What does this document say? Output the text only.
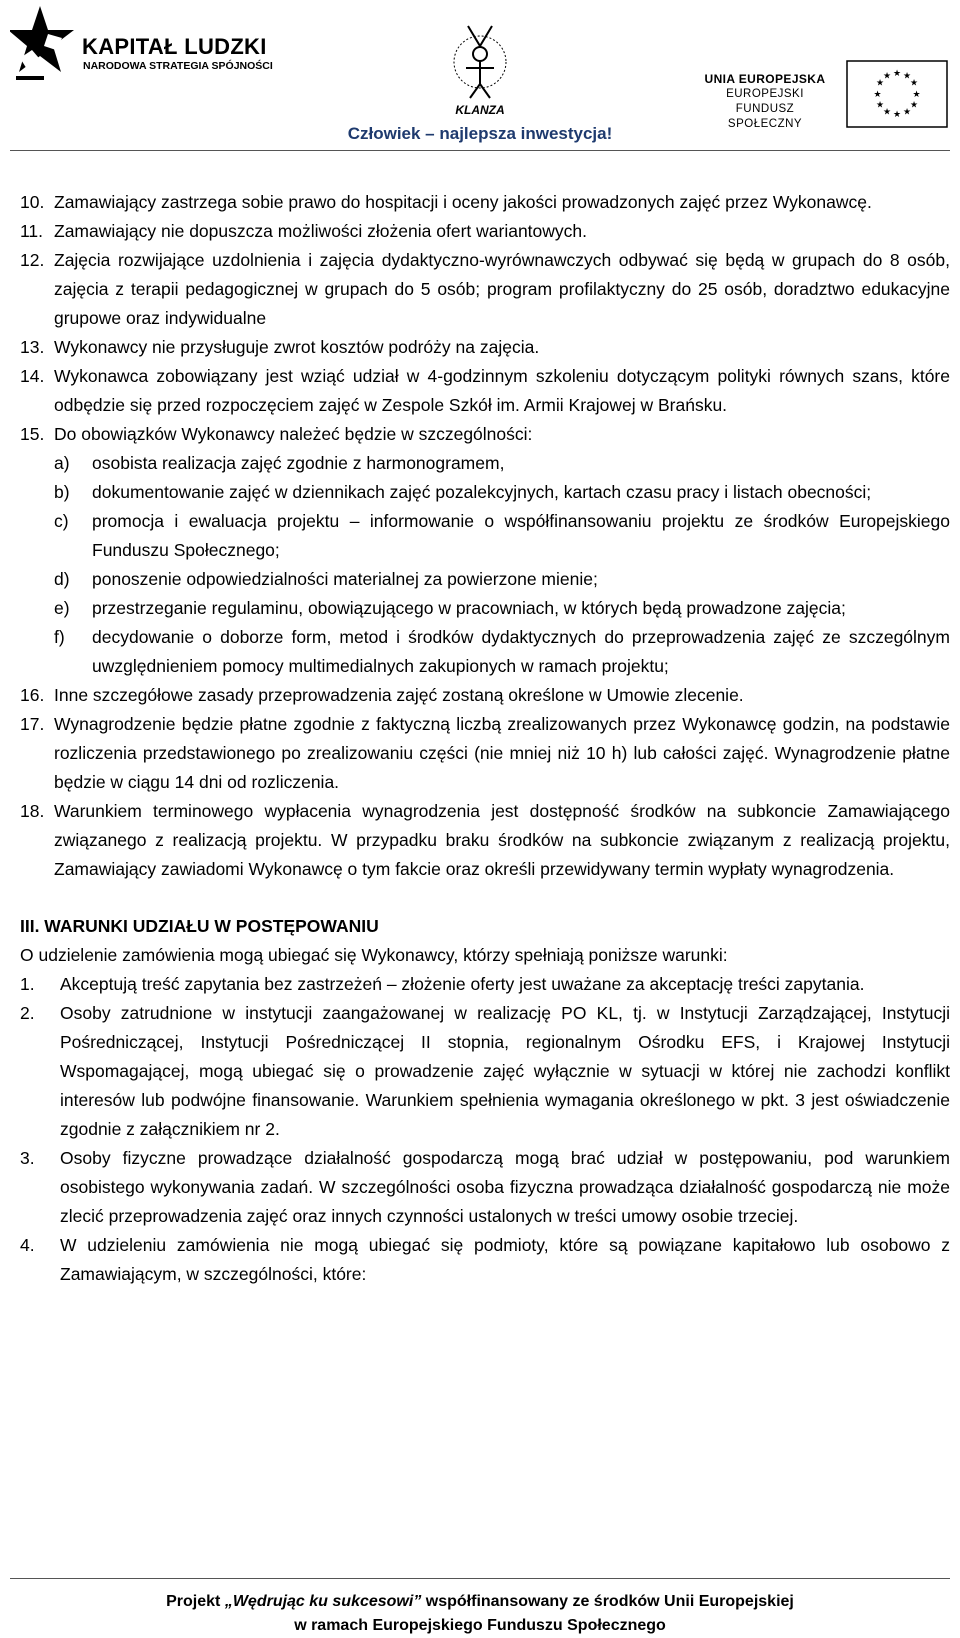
KAPITAŁ LUDZKI
NARODOWA STRATEGIA SPÓJNOŚCI
KLANZA
UNIA EUROPEJSKA
EUROPEJSKI
FUNDUSZ SPOŁECZNY
★ ★
★
★
★
★
★
★
★
★
★
★
Człowiek – najlepsza inwestycja!
10. Zamawiający zastrzega sobie prawo do hospitacji i oceny jakości prowadzonych zajęć przez Wykonawcę.
11. Zamawiający nie dopuszcza możliwości złożenia ofert wariantowych.
12. Zajęcia rozwijające uzdolnienia i zajęcia dydaktyczno-wyrównawczych odbywać się będą w grupach do 8 osób, zajęcia z terapii pedagogicznej w grupach do 5 osób; program profilaktyczny do 25 osób, doradztwo edukacyjne grupowe oraz indywidualne
13. Wykonawcy nie przysługuje zwrot kosztów podróży na zajęcia.
14. Wykonawca zobowiązany jest wziąć udział w 4-godzinnym szkoleniu dotyczącym polityki równych szans, które odbędzie się przed rozpoczęciem zajęć w Zespole Szkół im. Armii Krajowej w Brańsku.
15. Do obowiązków Wykonawcy należeć będzie w szczególności:
a) osobista realizacja zajęć zgodnie z harmonogramem,
b) dokumentowanie zajęć w dziennikach zajęć pozalekcyjnych, kartach czasu pracy i listach obecności;
c) promocja i ewaluacja projektu – informowanie o współfinansowaniu projektu ze środków Europejskiego Funduszu Społecznego;
d) ponoszenie odpowiedzialności materialnej za powierzone mienie;
e) przestrzeganie regulaminu, obowiązującego w pracowniach, w których będą prowadzone zajęcia;
f) decydowanie o doborze form, metod i środków dydaktycznych do przeprowadzenia zajęć ze szczególnym uwzględnieniem pomocy multimedialnych zakupionych w ramach projektu;
16. Inne szczegółowe zasady przeprowadzenia zajęć zostaną określone w Umowie zlecenie.
17. Wynagrodzenie będzie płatne zgodnie z faktyczną liczbą zrealizowanych przez Wykonawcę godzin, na podstawie rozliczenia przedstawionego po zrealizowaniu części (nie mniej niż 10 h) lub całości zajęć. Wynagrodzenie płatne będzie w ciągu 14 dni od rozliczenia.
18. Warunkiem terminowego wypłacenia wynagrodzenia jest dostępność środków na subkoncie Zamawiającego związanego z realizacją projektu. W przypadku braku środków na subkoncie związanym z realizacją projektu, Zamawiający zawiadomi Wykonawcę o tym fakcie oraz określi przewidywany termin wypłaty wynagrodzenia.
III. WARUNKI UDZIAŁU W POSTĘPOWANIU
O udzielenie zamówienia mogą ubiegać się Wykonawcy, którzy spełniają poniższe warunki:
1. Akceptują treść zapytania bez zastrzeżeń – złożenie oferty jest uważane za akceptację treści zapytania.
2. Osoby zatrudnione w instytucji zaangażowanej w realizację PO KL, tj. w Instytucji Zarządzającej, Instytucji Pośredniczącej, Instytucji Pośredniczącej II stopnia, regionalnym Ośrodku EFS, i Krajowej Instytucji Wspomagającej, mogą ubiegać się o prowadzenie zajęć wyłącznie w sytuacji w której nie zachodzi konflikt interesów lub podwójne finansowanie. Warunkiem spełnienia wymagania określonego w pkt. 3 jest oświadczenie zgodnie z załącznikiem nr 2.
3. Osoby fizyczne prowadzące działalność gospodarczą mogą brać udział w postępowaniu, pod warunkiem osobistego wykonywania zadań. W szczególności osoba fizyczna prowadząca działalność gospodarczą nie może zlecić przeprowadzenia zajęć oraz innych czynności ustalonych w treści umowy osobie trzeciej.
4. W udzieleniu zamówienia nie mogą ubiegać się podmioty, które są powiązane kapitałowo lub osobowo z Zamawiającym, w szczególności, które:
Projekt „Wędrując ku sukcesowi” współfinansowany ze środków Unii Europejskiej
w ramach Europejskiego Funduszu Społecznego
